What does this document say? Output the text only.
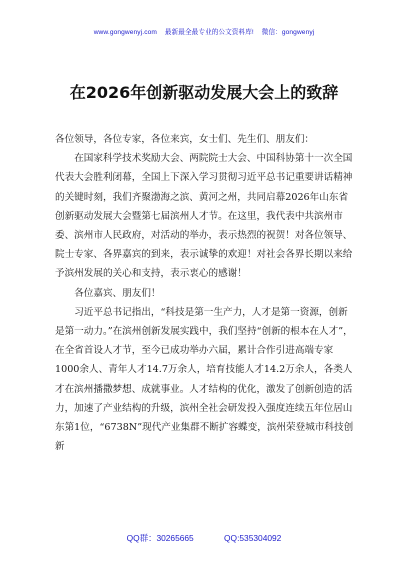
www.gongwenyj.com 最新最全最专业的公文资料库! 微信：gongwenyj
在2026年创新驱动发展大会上的致辞

各位领导，各位专家，各位来宾，女士们、先生们、朋友们：

在国家科学技术奖励大会、两院院士大会、中国科协第十一次全国代表大会胜利闭幕，全国上下深入学习贯彻习近平总书记重要讲话精神的关键时刻，我们齐聚渤海之滨、黄河之州，共同启幕2026年山东省创新驱动发展大会暨第七届滨州人才节。在这里，我代表中共滨州市委、滨州市人民政府，对活动的举办，表示热烈的祝贺！对各位领导、院士专家、各界嘉宾的到来，表示诚挚的欢迎！对社会各界长期以来给予滨州发展的关心和支持，表示衷心的感谢！

各位嘉宾、朋友们！

习近平总书记指出，“科技是第一生产力，人才是第一资源，创新是第一动力。”在滨州创新发展实践中，我们坚持“创新的根本在人才”，在全省首设人才节，至今已成功举办六届，累计合作引进高端专家1000余人、青年人才14.7万余人，培育技能人才14.2万余人，各类人才在滨州播撒梦想、成就事业。人才结构的优化，激发了创新创造的活力，加速了产业结构的升级，滨州全社会研发投入强度连续五年位居山东第1位，“6738N”现代产业集群不断扩容蝶变，滨州荣登城市科技创新

QQ群：30265665	QQ:535304092
